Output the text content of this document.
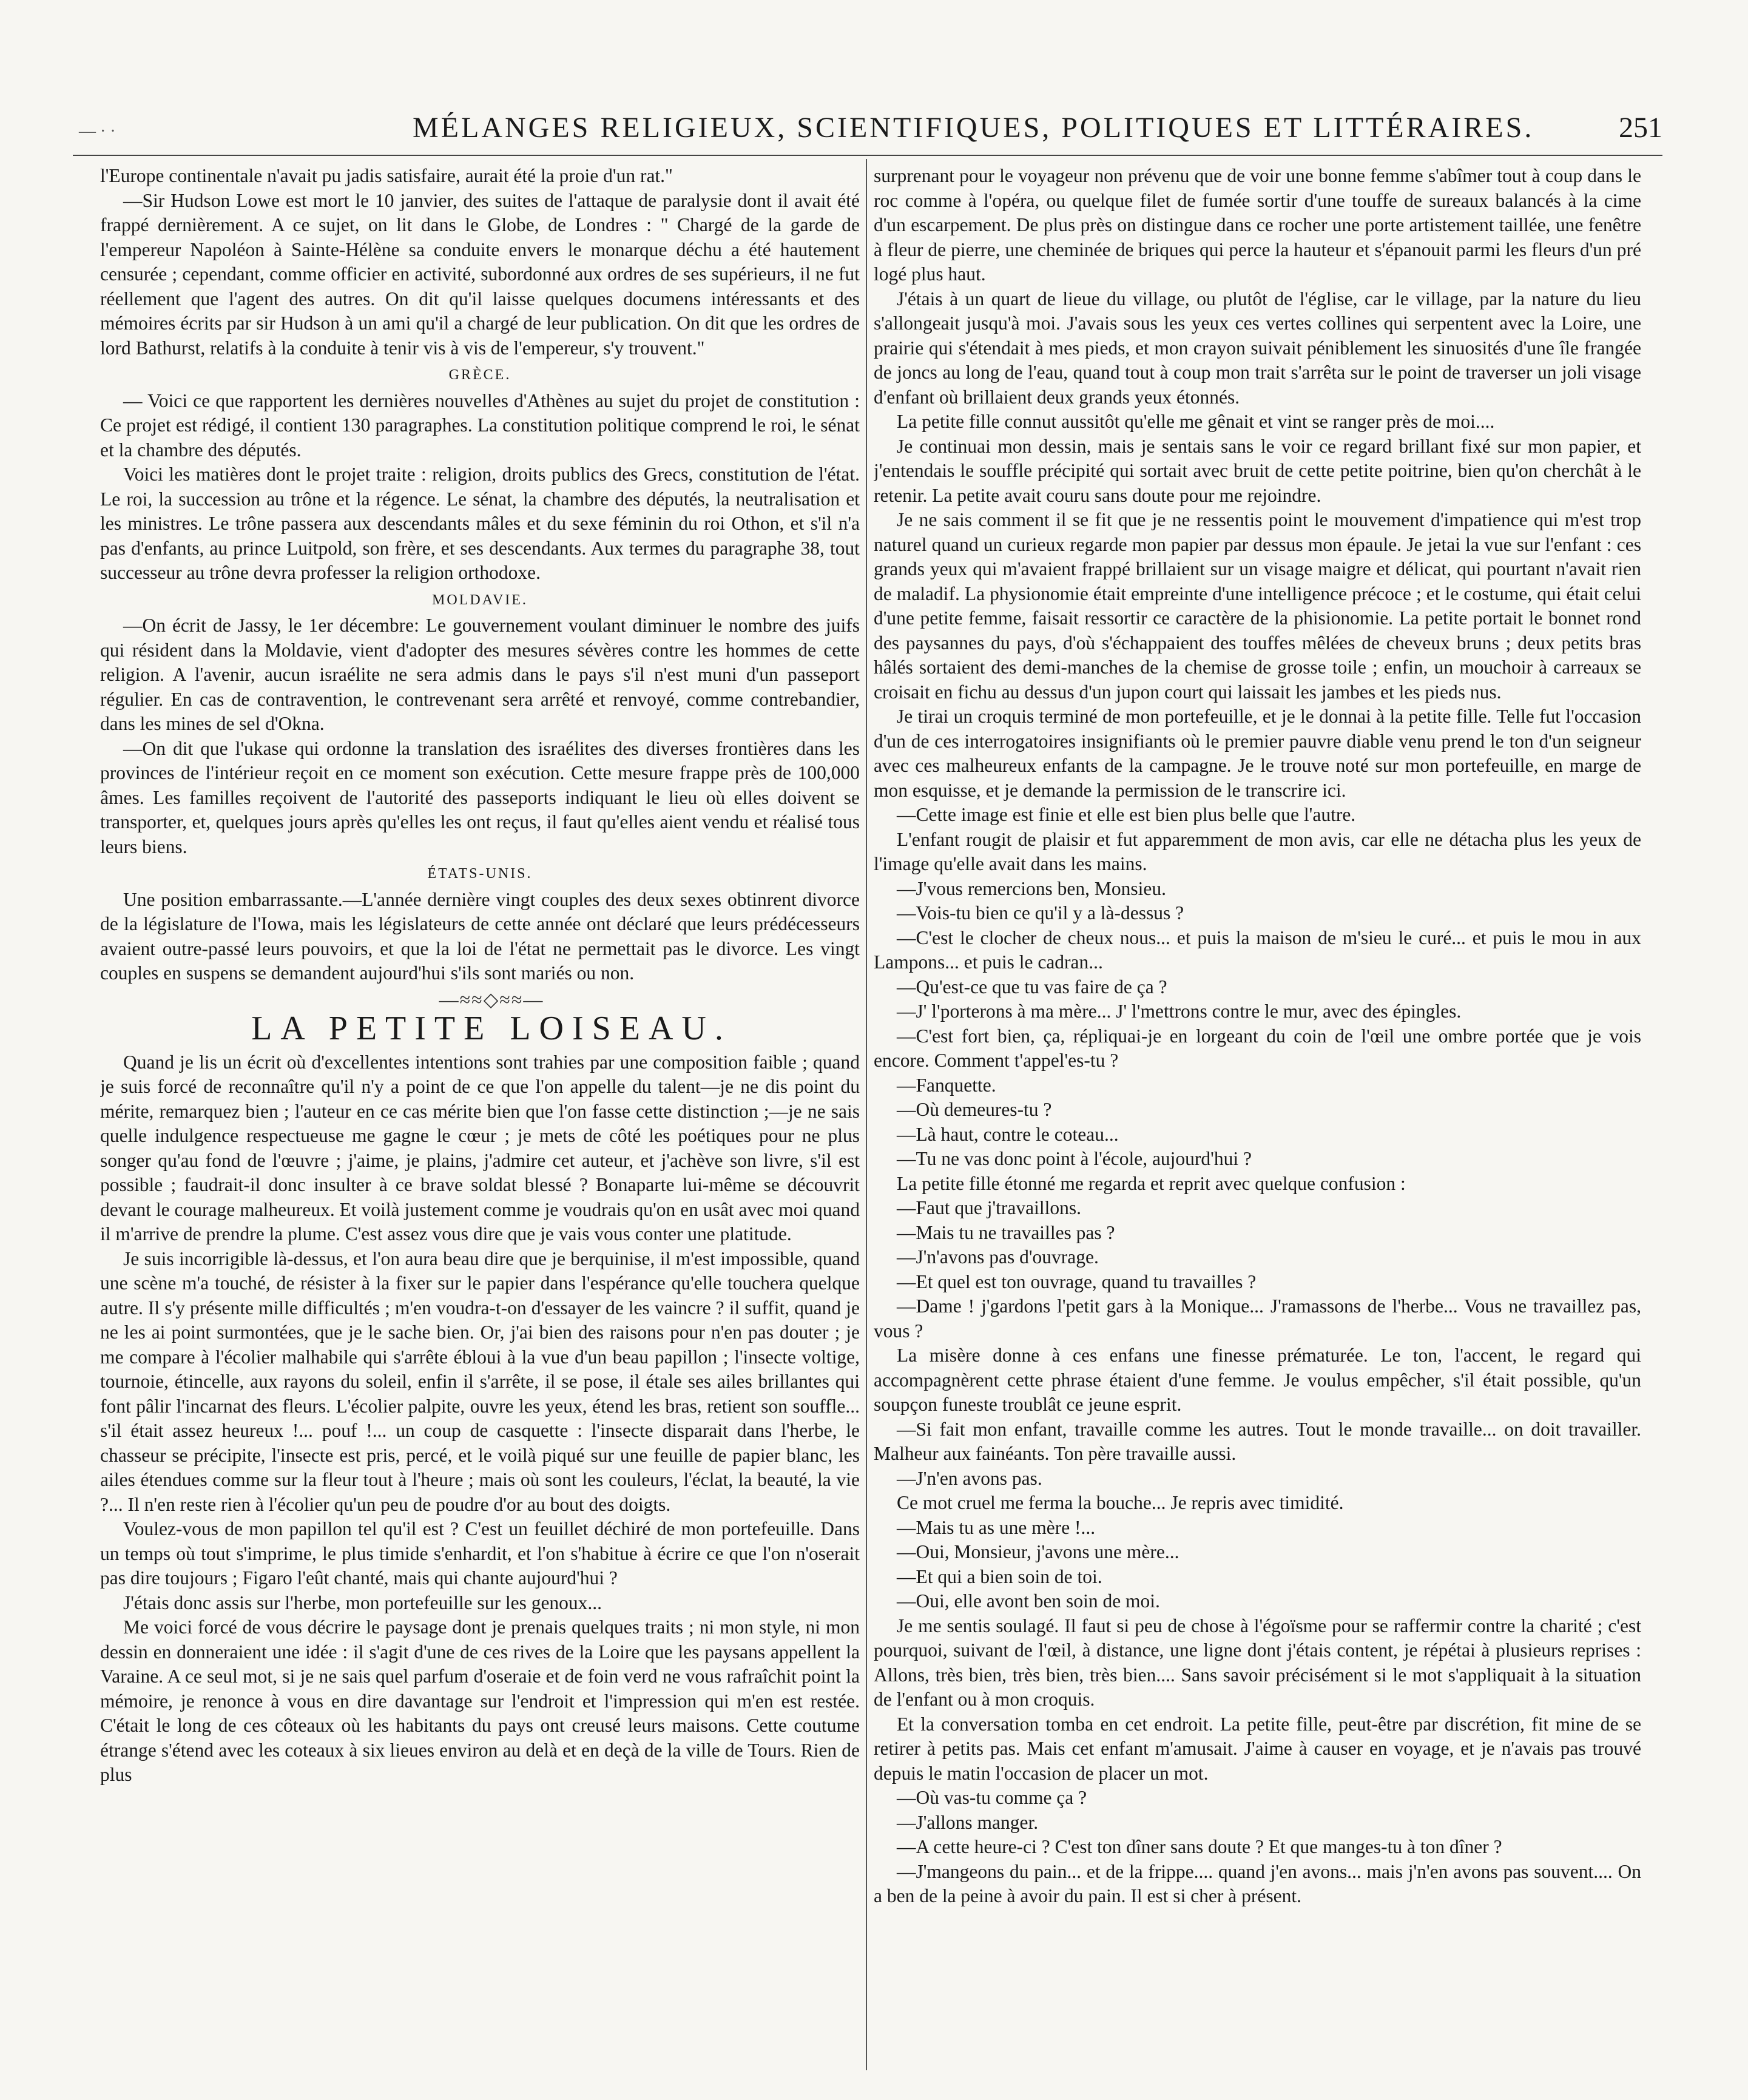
— · ·	MÉLANGES RELIGIEUX, SCIENTIFIQUES, POLITIQUES ET LITTÉRAIRES.	251

l'Europe continentale n'avait pu jadis satisfaire, aurait été la proie d'un rat."

—Sir Hudson Lowe est mort le 10 janvier, des suites de l'attaque de paralysie dont il avait été frappé dernièrement. A ce sujet, on lit dans le Globe, de Londres : " Chargé de la garde de l'empereur Napoléon à Sainte-Hélène sa conduite envers le monarque déchu a été hautement censurée ; cependant, comme officier en activité, subordonné aux ordres de ses supérieurs, il ne fut réellement que l'agent des autres. On dit qu'il laisse quelques documens intéressants et des mémoires écrits par sir Hudson à un ami qu'il a chargé de leur publication. On dit que les ordres de lord Bathurst, relatifs à la conduite à tenir vis à vis de l'empereur, s'y trouvent."

GRÈCE.

— Voici ce que rapportent les dernières nouvelles d'Athènes au sujet du projet de constitution : Ce projet est rédigé, il contient 130 paragraphes. La constitution politique comprend le roi, le sénat et la chambre des députés.

Voici les matières dont le projet traite : religion, droits publics des Grecs, constitution de l'état. Le roi, la succession au trône et la régence. Le sénat, la chambre des députés, la neutralisation et les ministres. Le trône passera aux descendants mâles et du sexe féminin du roi Othon, et s'il n'a pas d'enfants, au prince Luitpold, son frère, et ses descendants. Aux termes du paragraphe 38, tout successeur au trône devra professer la religion orthodoxe.

MOLDAVIE.

—On écrit de Jassy, le 1er décembre: Le gouvernement voulant diminuer le nombre des juifs qui résident dans la Moldavie, vient d'adopter des mesures sévères contre les hommes de cette religion. A l'avenir, aucun israélite ne sera admis dans le pays s'il n'est muni d'un passeport régulier. En cas de contravention, le contrevenant sera arrêté et renvoyé, comme contrebandier, dans les mines de sel d'Okna.

—On dit que l'ukase qui ordonne la translation des israélites des diverses frontières dans les provinces de l'intérieur reçoit en ce moment son exécution. Cette mesure frappe près de 100,000 âmes. Les familles reçoivent de l'autorité des passeports indiquant le lieu où elles doivent se transporter, et, quelques jours après qu'elles les ont reçus, il faut qu'elles aient vendu et réalisé tous leurs biens.

ÉTATS-UNIS.

Une position embarrassante.—L'année dernière vingt couples des deux sexes obtinrent divorce de la législature de l'Iowa, mais les législateurs de cette année ont déclaré que leurs prédécesseurs avaient outre-passé leurs pouvoirs, et que la loi de l'état ne permettait pas le divorce. Les vingt couples en suspens se demandent aujourd'hui s'ils sont mariés ou non.

—≈≈◇≈≈—

LA PETITE LOISEAU.

Quand je lis un écrit où d'excellentes intentions sont trahies par une composition faible ; quand je suis forcé de reconnaître qu'il n'y a point de ce que l'on appelle du talent—je ne dis point du mérite, remarquez bien ; l'auteur en ce cas mérite bien que l'on fasse cette distinction ;—je ne sais quelle indulgence respectueuse me gagne le cœur ; je mets de côté les poétiques pour ne plus songer qu'au fond de l'œuvre ; j'aime, je plains, j'admire cet auteur, et j'achève son livre, s'il est possible ; faudrait-il donc insulter à ce brave soldat blessé ? Bonaparte lui-même se découvrit devant le courage malheureux. Et voilà justement comme je voudrais qu'on en usât avec moi quand il m'arrive de prendre la plume. C'est assez vous dire que je vais vous conter une platitude.

Je suis incorrigible là-dessus, et l'on aura beau dire que je berquinise, il m'est impossible, quand une scène m'a touché, de résister à la fixer sur le papier dans l'espérance qu'elle touchera quelque autre. Il s'y présente mille difficultés ; m'en voudra-t-on d'essayer de les vaincre ? il suffit, quand je ne les ai point surmontées, que je le sache bien. Or, j'ai bien des raisons pour n'en pas douter ; je me compare à l'écolier malhabile qui s'arrête ébloui à la vue d'un beau papillon ; l'insecte voltige, tournoie, étincelle, aux rayons du soleil, enfin il s'arrête, il se pose, il étale ses ailes brillantes qui font pâlir l'incarnat des fleurs. L'écolier palpite, ouvre les yeux, étend les bras, retient son souffle... s'il était assez heureux !... pouf !... un coup de casquette : l'insecte disparait dans l'herbe, le chasseur se précipite, l'insecte est pris, percé, et le voilà piqué sur une feuille de papier blanc, les ailes étendues comme sur la fleur tout à l'heure ; mais où sont les couleurs, l'éclat, la beauté, la vie ?... Il n'en reste rien à l'écolier qu'un peu de poudre d'or au bout des doigts.

Voulez-vous de mon papillon tel qu'il est ? C'est un feuillet déchiré de mon portefeuille. Dans un temps où tout s'imprime, le plus timide s'enhardit, et l'on s'habitue à écrire ce que l'on n'oserait pas dire toujours ; Figaro l'eût chanté, mais qui chante aujourd'hui ?

J'étais donc assis sur l'herbe, mon portefeuille sur les genoux...

Me voici forcé de vous décrire le paysage dont je prenais quelques traits ; ni mon style, ni mon dessin en donneraient une idée : il s'agit d'une de ces rives de la Loire que les paysans appellent la Varaine. A ce seul mot, si je ne sais quel parfum d'oseraie et de foin verd ne vous rafraîchit point la mémoire, je renonce à vous en dire davantage sur l'endroit et l'impression qui m'en est restée. C'était le long de ces côteaux où les habitants du pays ont creusé leurs maisons. Cette coutume étrange s'étend avec les coteaux à six lieues environ au delà et en deçà de la ville de Tours. Rien de plus

surprenant pour le voyageur non prévenu que de voir une bonne femme s'abîmer tout à coup dans le roc comme à l'opéra, ou quelque filet de fumée sortir d'une touffe de sureaux balancés à la cime d'un escarpement. De plus près on distingue dans ce rocher une porte artistement taillée, une fenêtre à fleur de pierre, une cheminée de briques qui perce la hauteur et s'épanouit parmi les fleurs d'un pré logé plus haut.

J'étais à un quart de lieue du village, ou plutôt de l'église, car le village, par la nature du lieu s'allongeait jusqu'à moi. J'avais sous les yeux ces vertes collines qui serpentent avec la Loire, une prairie qui s'étendait à mes pieds, et mon crayon suivait péniblement les sinuosités d'une île frangée de joncs au long de l'eau, quand tout à coup mon trait s'arrêta sur le point de traverser un joli visage d'enfant où brillaient deux grands yeux étonnés.

La petite fille connut aussitôt qu'elle me gênait et vint se ranger près de moi....

Je continuai mon dessin, mais je sentais sans le voir ce regard brillant fixé sur mon papier, et j'entendais le souffle précipité qui sortait avec bruit de cette petite poitrine, bien qu'on cherchât à le retenir. La petite avait couru sans doute pour me rejoindre.

Je ne sais comment il se fit que je ne ressentis point le mouvement d'impatience qui m'est trop naturel quand un curieux regarde mon papier par dessus mon épaule. Je jetai la vue sur l'enfant : ces grands yeux qui m'avaient frappé brillaient sur un visage maigre et délicat, qui pourtant n'avait rien de maladif. La physionomie était empreinte d'une intelligence précoce ; et le costume, qui était celui d'une petite femme, faisait ressortir ce caractère de la phisionomie. La petite portait le bonnet rond des paysannes du pays, d'où s'échappaient des touffes mêlées de cheveux bruns ; deux petits bras hâlés sortaient des demi-manches de la chemise de grosse toile ; enfin, un mouchoir à carreaux se croisait en fichu au dessus d'un jupon court qui laissait les jambes et les pieds nus.

Je tirai un croquis terminé de mon portefeuille, et je le donnai à la petite fille. Telle fut l'occasion d'un de ces interrogatoires insignifiants où le premier pauvre diable venu prend le ton d'un seigneur avec ces malheureux enfants de la campagne. Je le trouve noté sur mon portefeuille, en marge de mon esquisse, et je demande la permission de le transcrire ici.

—Cette image est finie et elle est bien plus belle que l'autre.

L'enfant rougit de plaisir et fut apparemment de mon avis, car elle ne détacha plus les yeux de l'image qu'elle avait dans les mains.

—J'vous remercions ben, Monsieu.

—Vois-tu bien ce qu'il y a là-dessus ?

—C'est le clocher de cheux nous... et puis la maison de m'sieu le curé... et puis le mou in aux Lampons... et puis le cadran...

—Qu'est-ce que tu vas faire de ça ?

—J' l'porterons à ma mère... J' l'mettrons contre le mur, avec des épingles.

—C'est fort bien, ça, répliquai-je en lorgeant du coin de l'œil une ombre portée que je vois encore. Comment t'appel'es-tu ?

—Fanquette.

—Où demeures-tu ?

—Là haut, contre le coteau...

—Tu ne vas donc point à l'école, aujourd'hui ?

La petite fille étonné me regarda et reprit avec quelque confusion :

—Faut que j'travaillons.

—Mais tu ne travailles pas ?

—J'n'avons pas d'ouvrage.

—Et quel est ton ouvrage, quand tu travailles ?

—Dame ! j'gardons l'petit gars à la Monique... J'ramassons de l'herbe... Vous ne travaillez pas, vous ?

La misère donne à ces enfans une finesse prématurée. Le ton, l'accent, le regard qui accompagnèrent cette phrase étaient d'une femme. Je voulus empêcher, s'il était possible, qu'un soupçon funeste troublât ce jeune esprit.

—Si fait mon enfant, travaille comme les autres. Tout le monde travaille... on doit travailler. Malheur aux fainéants. Ton père travaille aussi.

—J'n'en avons pas.

Ce mot cruel me ferma la bouche... Je repris avec timidité.

—Mais tu as une mère !...

—Oui, Monsieur, j'avons une mère...

—Et qui a bien soin de toi.

—Oui, elle avont ben soin de moi.

Je me sentis soulagé. Il faut si peu de chose à l'égoïsme pour se raffermir contre la charité ; c'est pourquoi, suivant de l'œil, à distance, une ligne dont j'étais content, je répétai à plusieurs reprises : Allons, très bien, très bien, très bien.... Sans savoir précisément si le mot s'appliquait à la situation de l'enfant ou à mon croquis.

Et la conversation tomba en cet endroit. La petite fille, peut-être par discrétion, fit mine de se retirer à petits pas. Mais cet enfant m'amusait. J'aime à causer en voyage, et je n'avais pas trouvé depuis le matin l'occasion de placer un mot.

—Où vas-tu comme ça ?

—J'allons manger.

—A cette heure-ci ? C'est ton dîner sans doute ? Et que manges-tu à ton dîner ?

—J'mangeons du pain... et de la frippe.... quand j'en avons... mais j'n'en avons pas souvent.... On a ben de la peine à avoir du pain. Il est si cher à présent.
